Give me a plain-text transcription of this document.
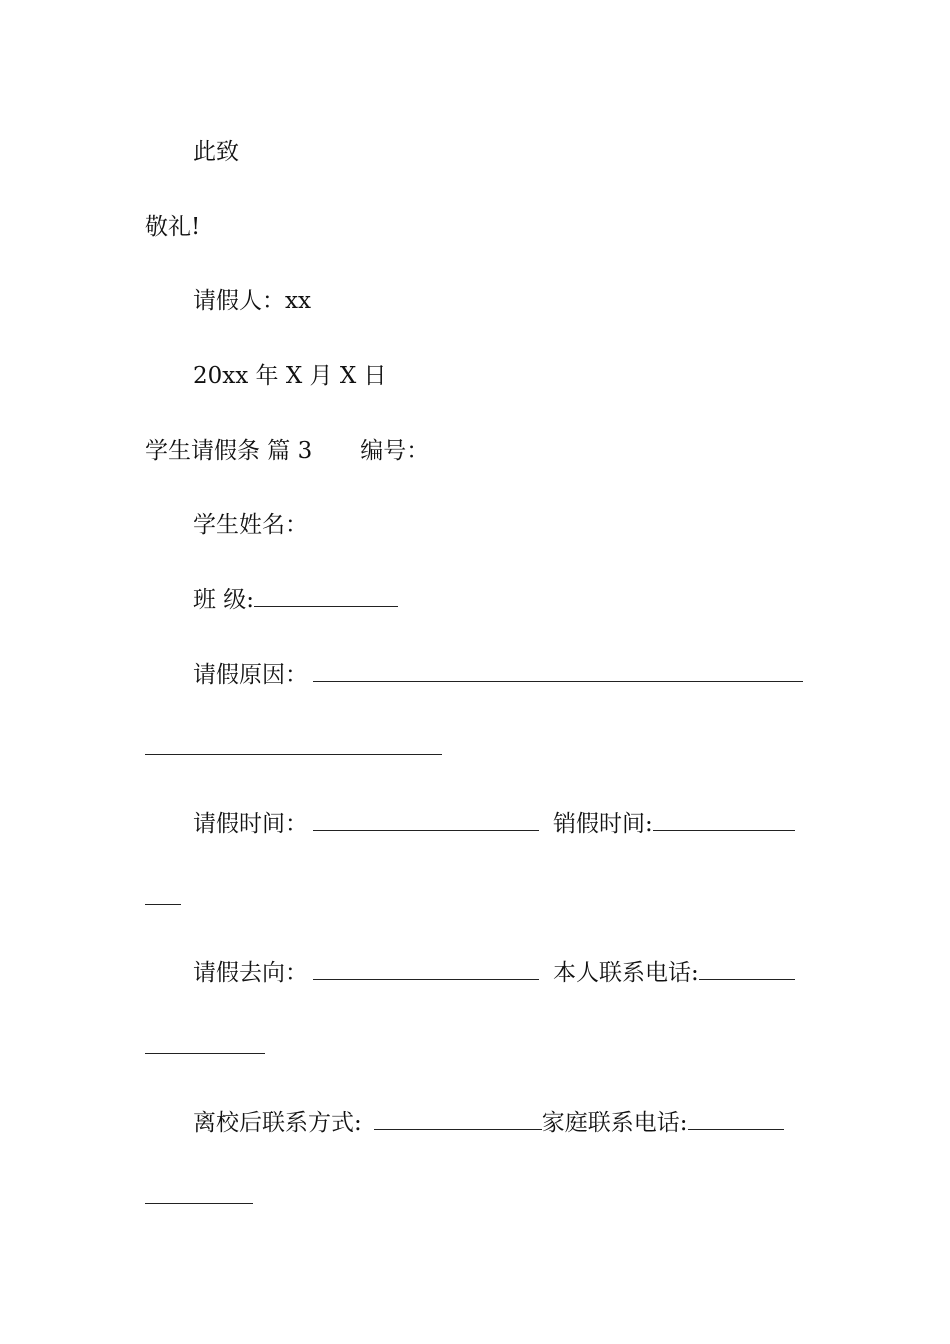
此致
敬礼!
请假人：xx
20xx 年 X 月 X 日
学生请假条 篇 3 编号：
学生姓名：
班 级:
请假原因：
请假时间：	销假时间:
请假去向：	本人联系电话:
离校后联系方式:	家庭联系电话:
